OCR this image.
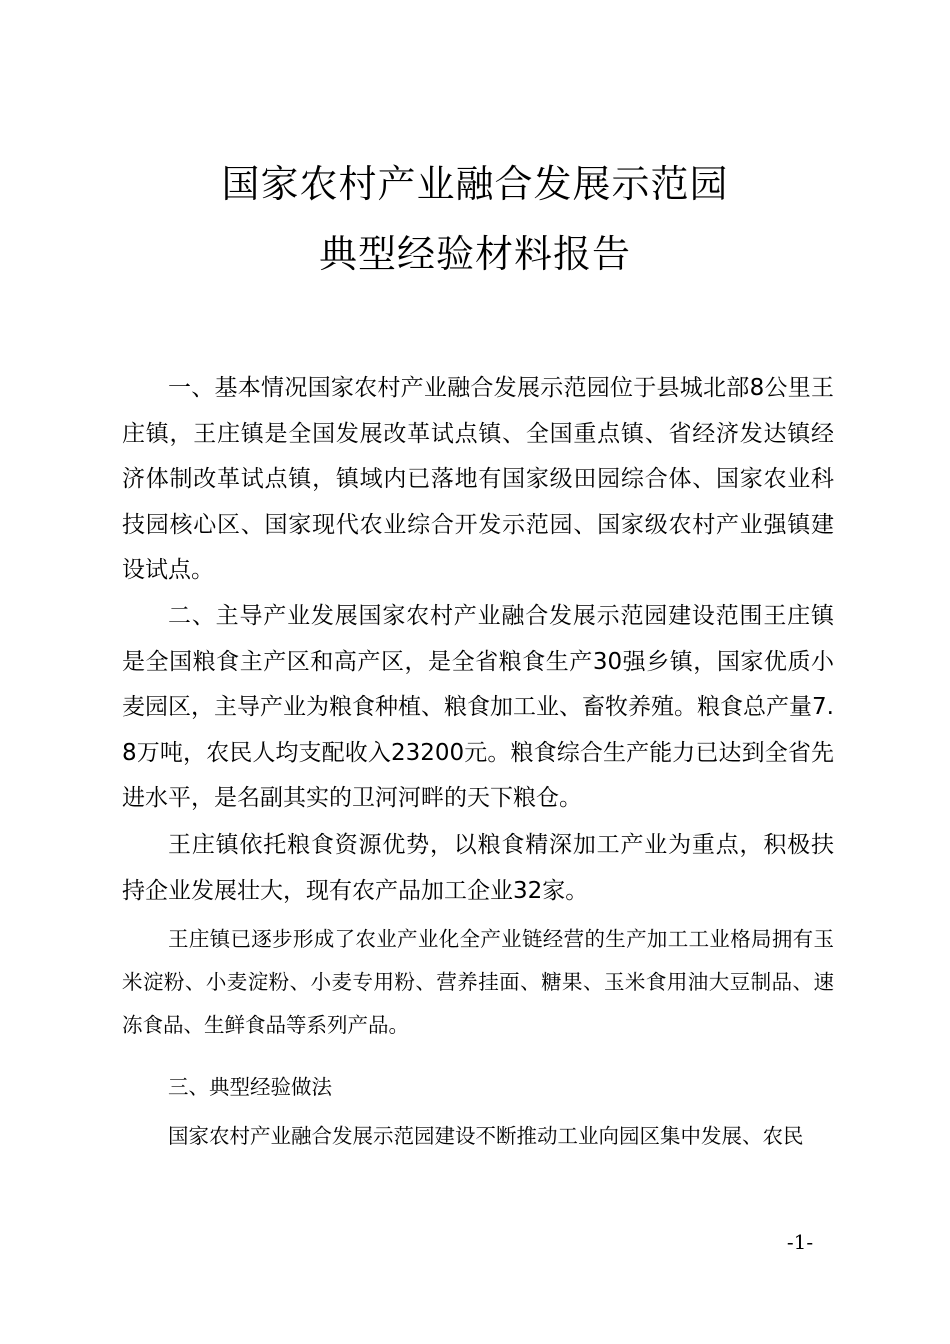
国家农村产业融合发展示范园
典型经验材料报告

一、基本情况国家农村产业融合发展示范园位于县城北部8公里王庄镇，王庄镇是全国发展改革试点镇、全国重点镇、省经济发达镇经济体制改革试点镇，镇域内已落地有国家级田园综合体、国家农业科技园核心区、国家现代农业综合开发示范园、国家级农村产业强镇建设试点。

二、主导产业发展国家农村产业融合发展示范园建设范围王庄镇是全国粮食主产区和高产区，是全省粮食生产30强乡镇，国家优质小麦园区，主导产业为粮食种植、粮食加工业、畜牧养殖。粮食总产量7.8万吨，农民人均支配收入23200元。粮食综合生产能力已达到全省先进水平，是名副其实的卫河河畔的天下粮仓。

王庄镇依托粮食资源优势，以粮食精深加工产业为重点，积极扶持企业发展壮大，现有农产品加工企业32家。

王庄镇已逐步形成了农业产业化全产业链经营的生产加工工业格局拥有玉米淀粉、小麦淀粉、小麦专用粉、营养挂面、糖果、玉米食用油大豆制品、速冻食品、生鲜食品等系列产品。

三、典型经验做法

国家农村产业融合发展示范园建设不断推动工业向园区集中发展、农民

-1-
